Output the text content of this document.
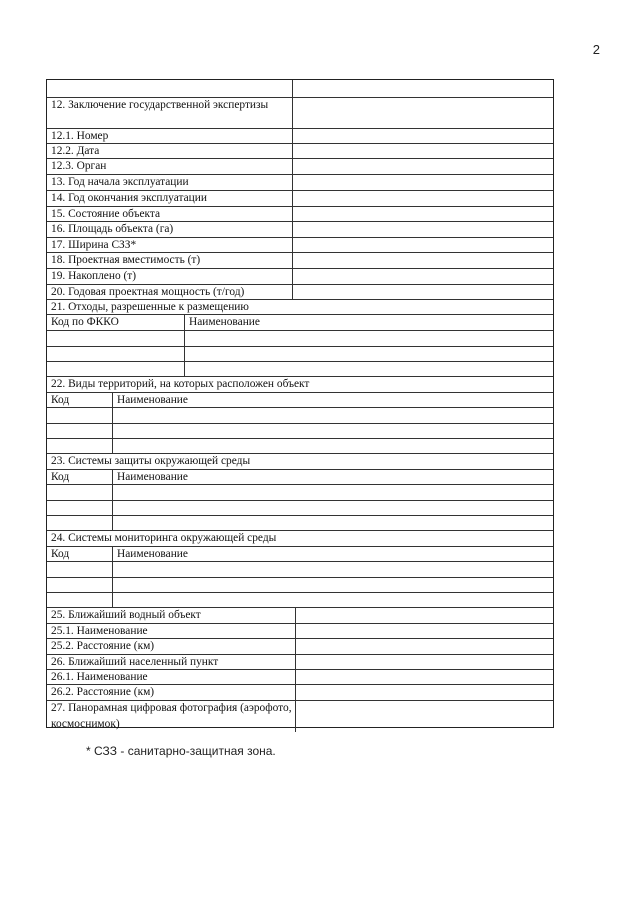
2
12. Заключение государственной экспертизы
12.1. Номер
12.2. Дата
12.3. Орган
13. Год начала эксплуатации
14. Год окончания эксплуатации
15. Состояние объекта
16. Площадь объекта (га)
17. Ширина СЗЗ*
18. Проектная вместимость (т)
19. Накоплено (т)
20. Годовая проектная мощность (т/год)
21. Отходы, разрешенные к размещению
Код по ФККО	Наименование
22. Виды территорий, на которых расположен объект
Код	Наименование
23. Системы защиты окружающей среды
Код	Наименование
24. Системы мониторинга окружающей среды
Код	Наименование
25. Ближайший водный объект
25.1. Наименование
25.2. Расстояние (км)
26. Ближайший населенный пункт
26.1. Наименование
26.2. Расстояние (км)
27. Панорамная цифровая фотография (аэрофото, космоснимок)
* СЗЗ - санитарно-защитная зона.
